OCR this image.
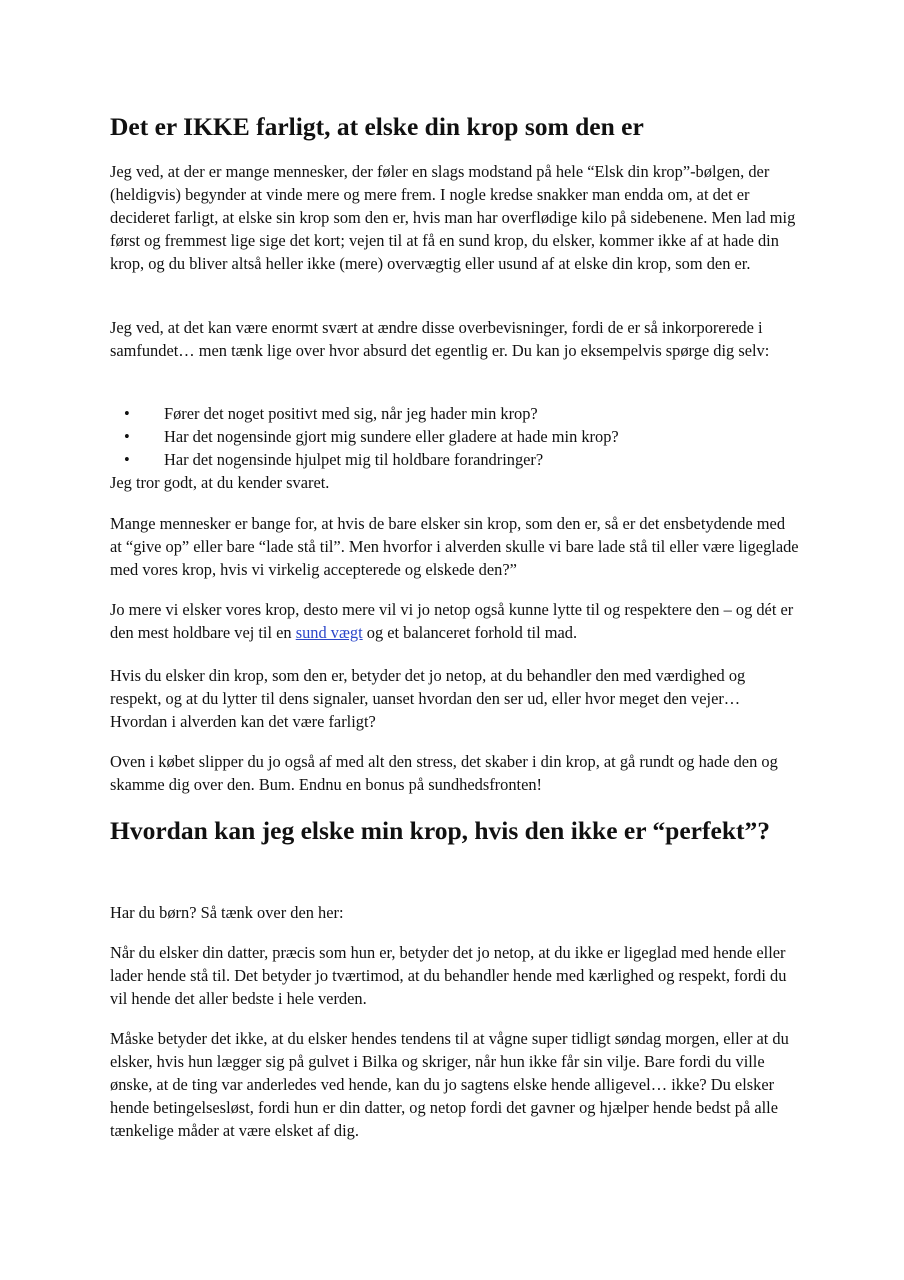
Det er IKKE farligt, at elske din krop som den er

Jeg ved, at der er mange mennesker, der føler en slags modstand på hele “Elsk din krop”-bølgen, der (heldigvis) begynder at vinde mere og mere frem. I nogle kredse snakker man endda om, at det er decideret farligt, at elske sin krop som den er, hvis man har overflødige kilo på sidebenene. Men lad mig først og fremmest lige sige det kort; vejen til at få en sund krop, du elsker, kommer ikke af at hade din krop, og du bliver altså heller ikke (mere) overvægtig eller usund af at elske din krop, som den er.

Jeg ved, at det kan være enormt svært at ændre disse overbevisninger, fordi de er så inkorporerede i samfundet… men tænk lige over hvor absurd det egentlig er. Du kan jo eksempelvis spørge dig selv:

• Fører det noget positivt med sig, når jeg hader min krop?
• Har det nogensinde gjort mig sundere eller gladere at hade min krop?
• Har det nogensinde hjulpet mig til holdbare forandringer?

Jeg tror godt, at du kender svaret.

Mange mennesker er bange for, at hvis de bare elsker sin krop, som den er, så er det ensbetydende med at “give op” eller bare “lade stå til”. Men hvorfor i alverden skulle vi bare lade stå til eller være ligeglade med vores krop, hvis vi virkelig accepterede og elskede den?”

Jo mere vi elsker vores krop, desto mere vil vi jo netop også kunne lytte til og respektere den – og dét er den mest holdbare vej til en sund vægt og et balanceret forhold til mad.

Hvis du elsker din krop, som den er, betyder det jo netop, at du behandler den med værdighed og respekt, og at du lytter til dens signaler, uanset hvordan den ser ud, eller hvor meget den vejer… Hvordan i alverden kan det være farligt?

Oven i købet slipper du jo også af med alt den stress, det skaber i din krop, at gå rundt og hade den og skamme dig over den. Bum. Endnu en bonus på sundhedsfronten!

Hvordan kan jeg elske min krop, hvis den ikke er “perfekt”?

Har du børn? Så tænk over den her:

Når du elsker din datter, præcis som hun er, betyder det jo netop, at du ikke er ligeglad med hende eller lader hende stå til. Det betyder jo tværtimod, at du behandler hende med kærlighed og respekt, fordi du vil hende det aller bedste i hele verden.

Måske betyder det ikke, at du elsker hendes tendens til at vågne super tidligt søndag morgen, eller at du elsker, hvis hun lægger sig på gulvet i Bilka og skriger, når hun ikke får sin vilje. Bare fordi du ville ønske, at de ting var anderledes ved hende, kan du jo sagtens elske hende alligevel… ikke? Du elsker hende betingelsesløst, fordi hun er din datter, og netop fordi det gavner og hjælper hende bedst på alle tænkelige måder at være elsket af dig.
